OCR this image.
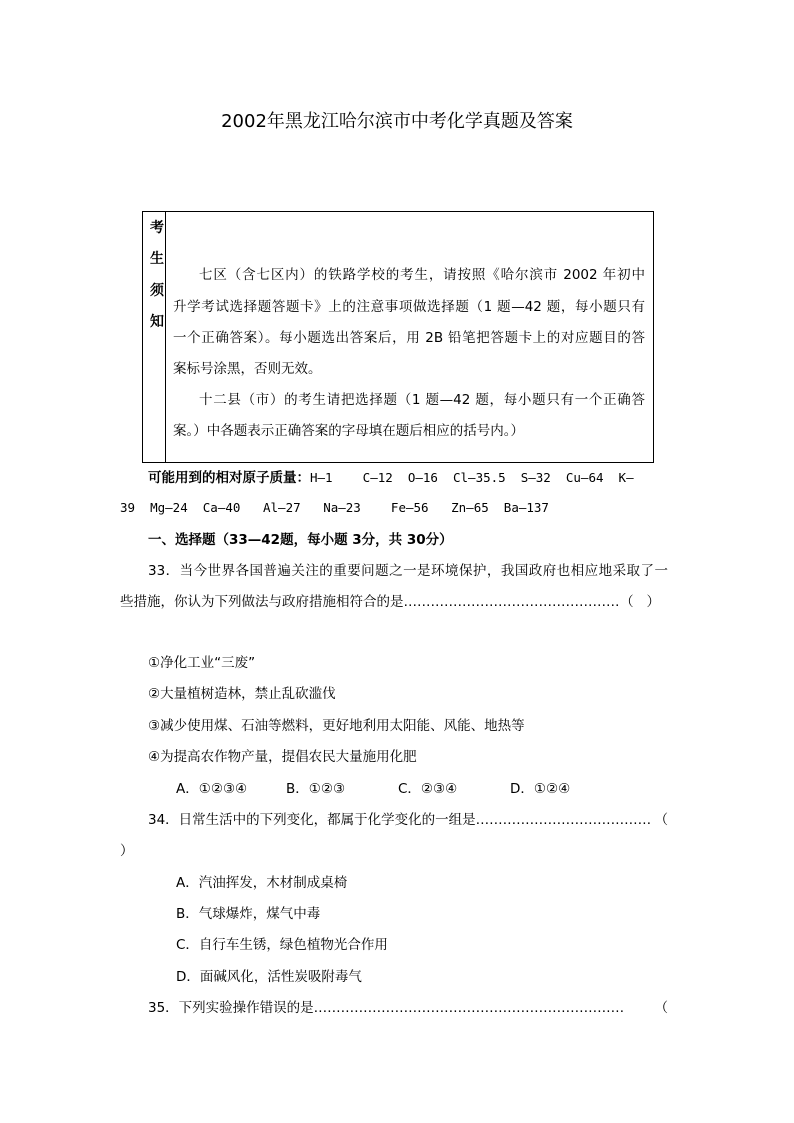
2002年黑龙江哈尔滨市中考化学真题及答案
考
生
须
知
七区（含七区内）的铁路学校的考生，请按照《哈尔滨市 2002 年初中
升学考试选择题答题卡》上的注意事项做选择题（1 题—42 题，每小题只有
一个正确答案）。每小题选出答案后，用 2B 铅笔把答题卡上的对应题目的答
案标号涂黑，否则无效。
十二县（市）的考生请把选择题（1 题—42 题，每小题只有一个正确答
案。）中各题表示正确答案的字母填在题后相应的括号内。）
可能用到的相对原子质量：H—1    C—12  O—16  Cl—35.5  S—32  Cu—64  K—
39  Mg—24  Ca—40   Al—27   Na—23    Fe—56   Zn—65  Ba—137
一、选择题（33—42题，每小题 3分，共 30分）
33．当今世界各国普遍关注的重要问题之一是环境保护，我国政府也相应地采取了一
些措施，你认为下列做法与政府措施相符合的是………………………………………… （   ）
①净化工业“三废”
②大量植树造林，禁止乱砍滥伐
③减少使用煤、石油等燃料，更好地利用太阳能、风能、地热等
④为提高农作物产量，提倡农民大量施用化肥
A．①②③④	B．①②③	C．②③④	D．①②④
34．日常生活中的下列变化，都属于化学变化的一组是………………………………… （
）
A．汽油挥发，木材制成桌椅
B．气球爆炸，煤气中毒
C．自行车生锈，绿色植物光合作用
D．面碱风化，活性炭吸附毒气
35．下列实验操作错误的是…………………………………………………………… （
